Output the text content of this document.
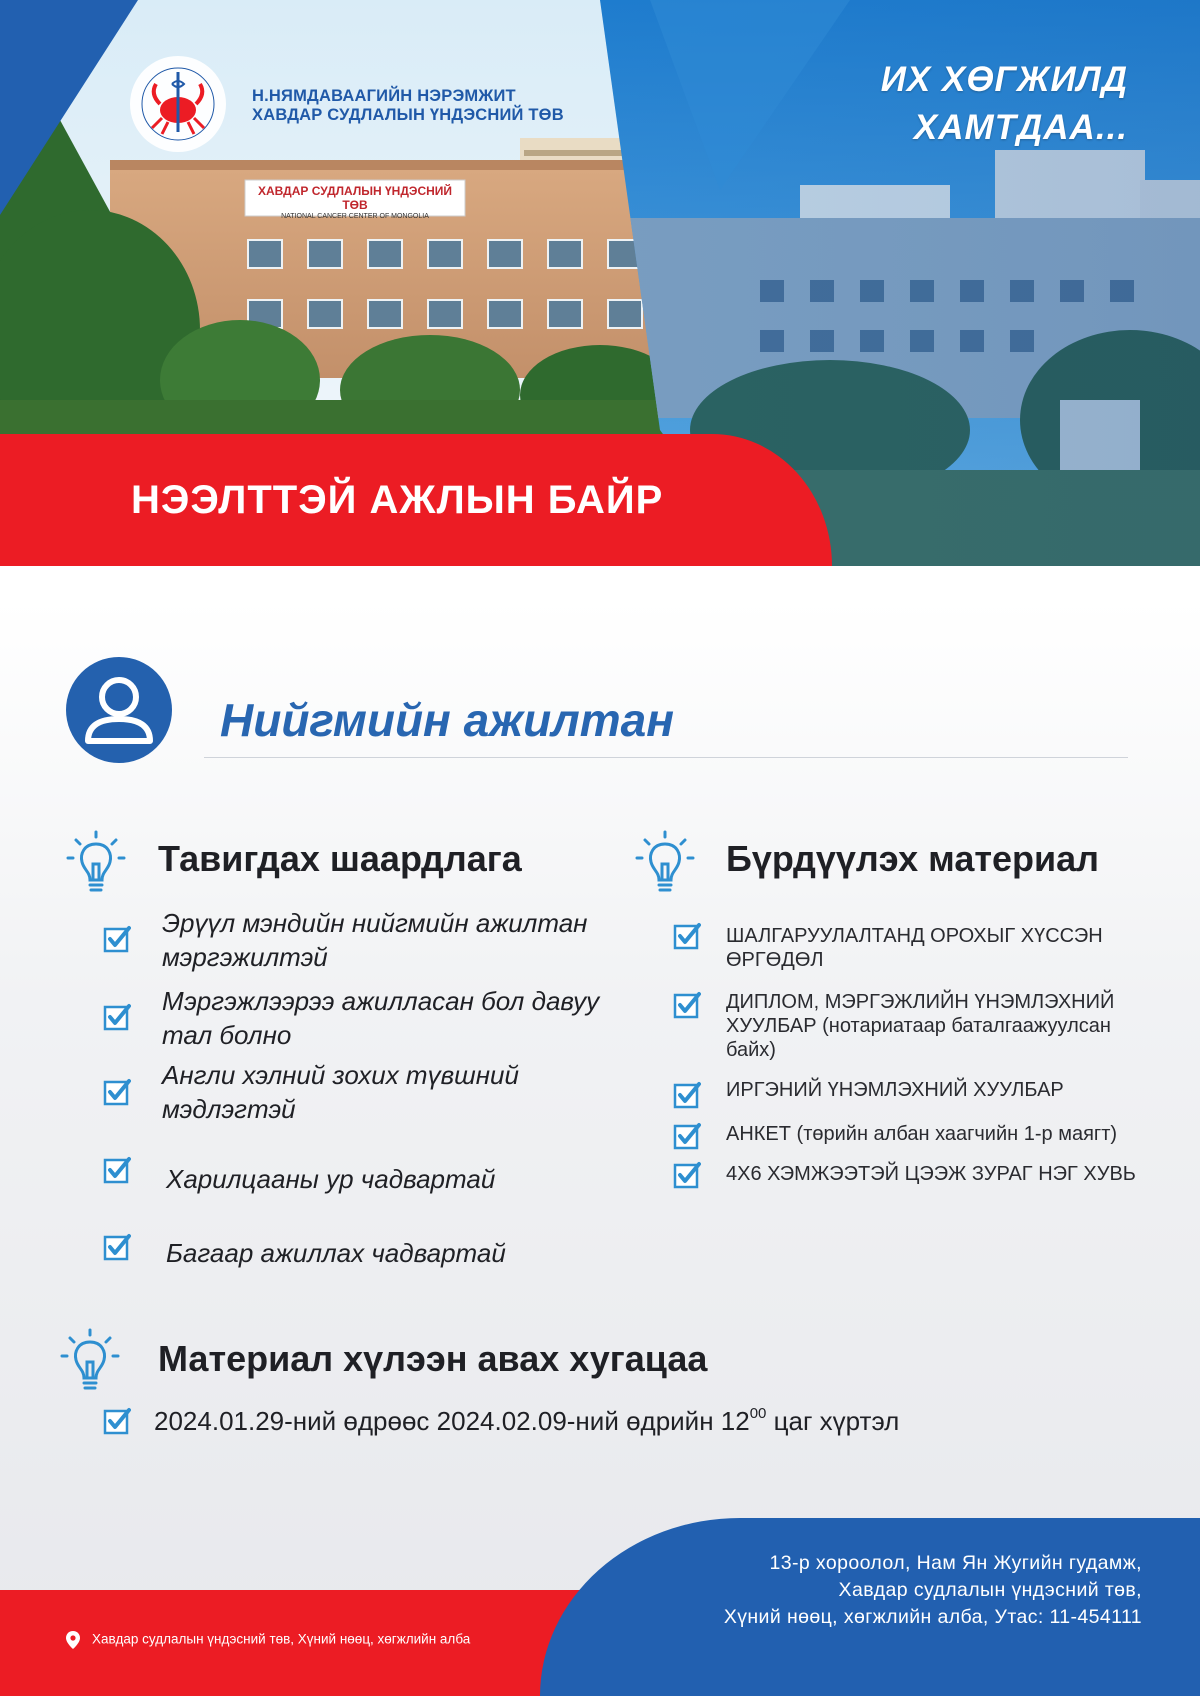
ХАВДАР СУДЛАЛЫН ҮНДЭСНИЙ ТӨВ
NATIONAL CANCER CENTER OF MONGOLIA
Н.НЯМДАВААГИЙН НЭРЭМЖИТ
ХАВДАР СУДЛАЛЫН ҮНДЭСНИЙ ТӨВ
ИХ ХӨГЖИЛД
ХАМТДАА...
НЭЭЛТТЭЙ АЖЛЫН БАЙР
Нийгмийн ажилтан
Тавигдах шаардлага
Эрүүл мэндийн нийгмийн ажилтан мэргэжилтэй
Мэргэжлээрээ ажилласан бол давуу тал болно
Англи хэлний зохих түвшний мэдлэгтэй
Харилцааны ур чадвартай
Багаар ажиллах чадвартай
Бүрдүүлэх материал
ШАЛГАРУУЛАЛТАНД ОРОХЫГ ХҮССЭН ӨРГӨДӨЛ
ДИПЛОМ, МЭРГЭЖЛИЙН ҮНЭМЛЭХНИЙ ХУУЛБАР (нотариатаар баталгаажуулсан байх)
ИРГЭНИЙ ҮНЭМЛЭХНИЙ ХУУЛБАР
АНКЕТ (төрийн албан хаагчийн 1-р маягт)
4X6 ХЭМЖЭЭТЭЙ ЦЭЭЖ ЗУРАГ НЭГ ХУВЬ
Материал хүлээн авах хугацаа
2024.01.29-ний өдрөөс 2024.02.09-ний өдрийн $12^{00}$ цаг хүртэл
Хавдар судлалын үндэсний төв, Хүний нөөц, хөгжлийн алба
13-р хороолол, Нам Ян Жугийн гудамж,
Хавдар судлалын үндэсний төв,
Хүний нөөц, хөгжлийн алба, Утас: 11-454111
